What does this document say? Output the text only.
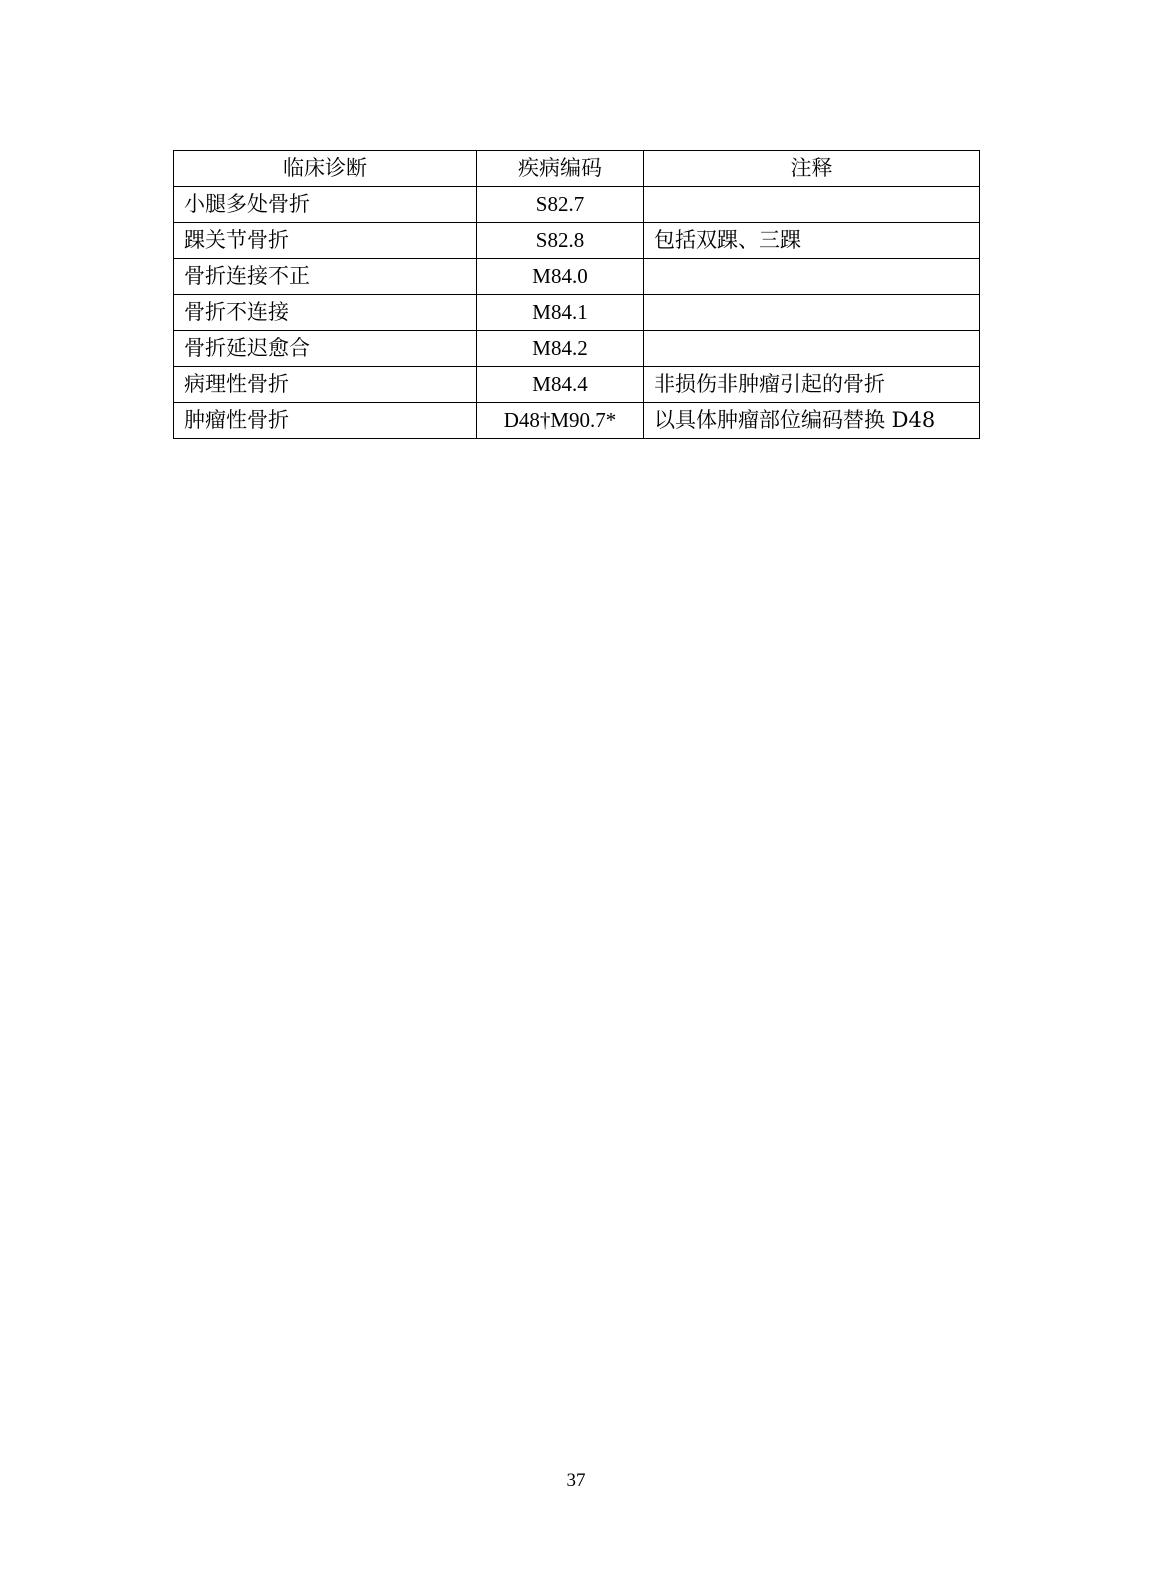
临床诊断	疾病编码	注释
小腿多处骨折	S82.7	
踝关节骨折	S82.8	包括双踝、三踝
骨折连接不正	M84.0	
骨折不连接	M84.1	
骨折延迟愈合	M84.2	
病理性骨折	M84.4	非损伤非肿瘤引起的骨折
肿瘤性骨折	D48†M90.7*	以具体肿瘤部位编码替换 D48
37
